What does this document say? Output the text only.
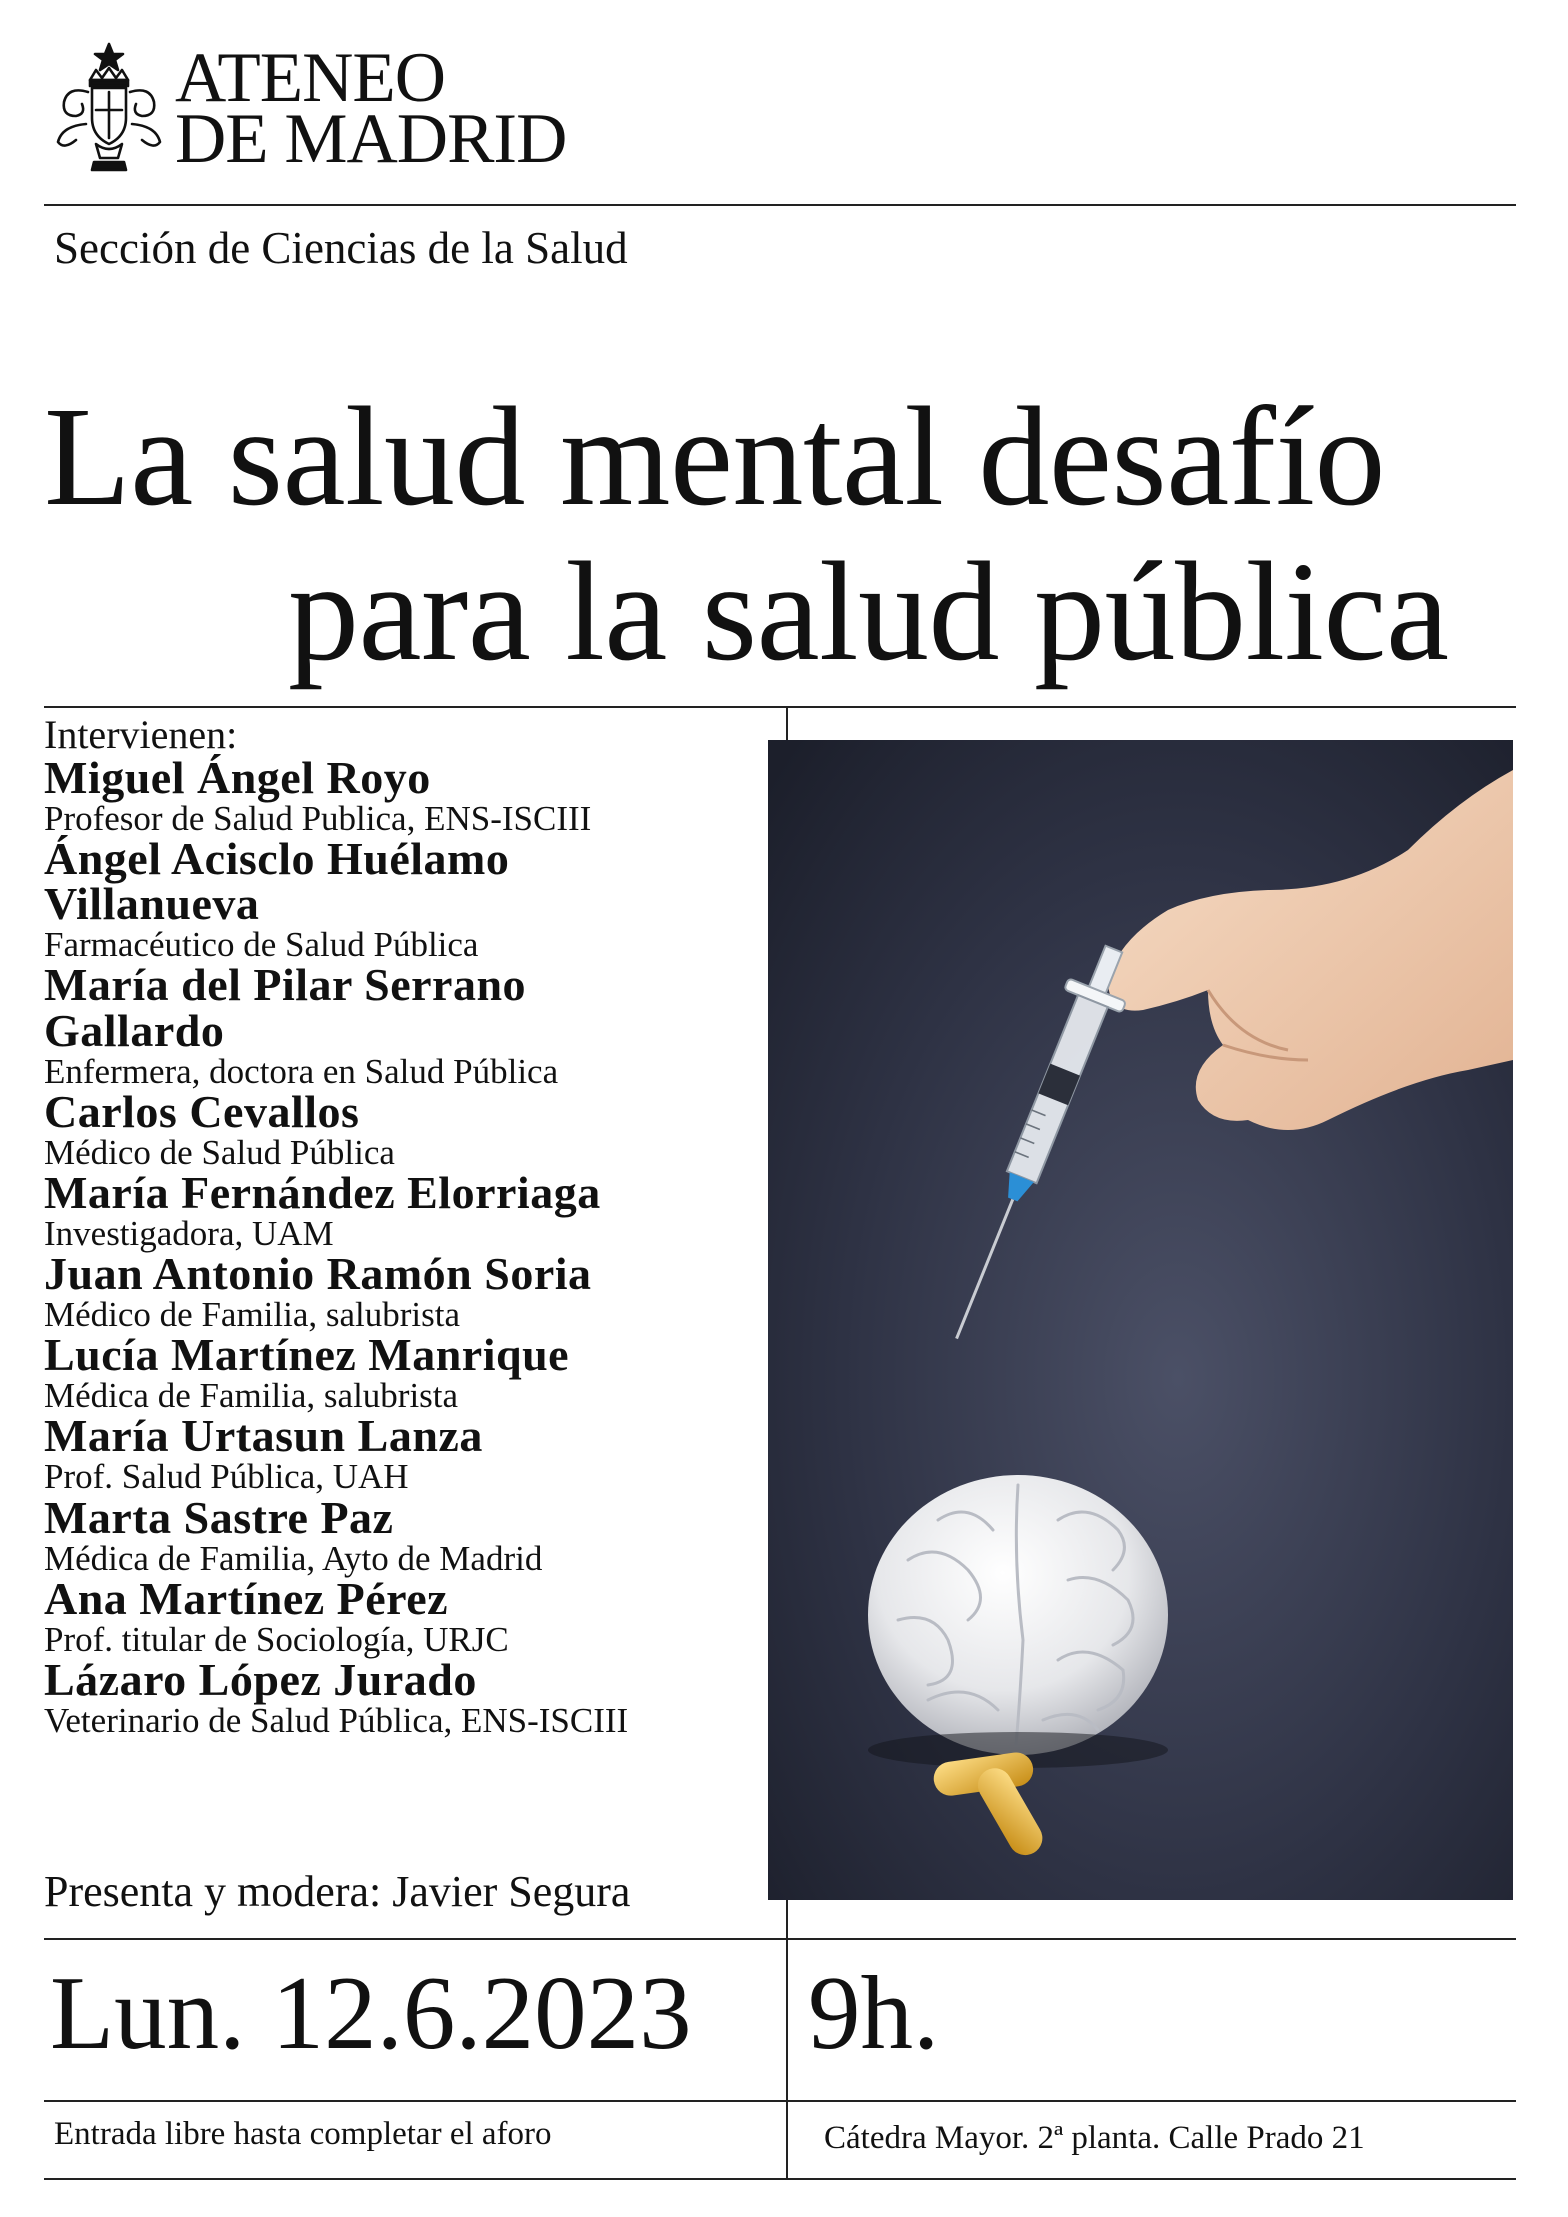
ATENEO
DE MADRID
Sección de Ciencias de la Salud
La salud mental desafío
para la salud pública

Intervienen:

Miguel Ángel Royo

Profesor de Salud Publica, ENS-ISCIII

Ángel Acisclo Huélamo Villanueva

Farmacéutico de Salud Pública

María del Pilar Serrano Gallardo

Enfermera, doctora en Salud Pública

Carlos Cevallos

Médico de Salud Pública

María Fernández Elorriaga

Investigadora, UAM

Juan Antonio Ramón Soria

Médico de Familia, salubrista

Lucía Martínez Manrique

Médica de Familia, salubrista

María Urtasun Lanza

Prof. Salud Pública, UAH

Marta Sastre Paz

Médica de Familia, Ayto de Madrid

Ana Martínez Pérez

Prof. titular de Sociología, URJC

Lázaro López Jurado

Veterinario de Salud Pública, ENS-ISCIII

Presenta y modera: Javier Segura
Lun. 12.6.2023 9h.
Entrada libre hasta completar el aforo	Cátedra Mayor. 2ª planta. Calle Prado 21
